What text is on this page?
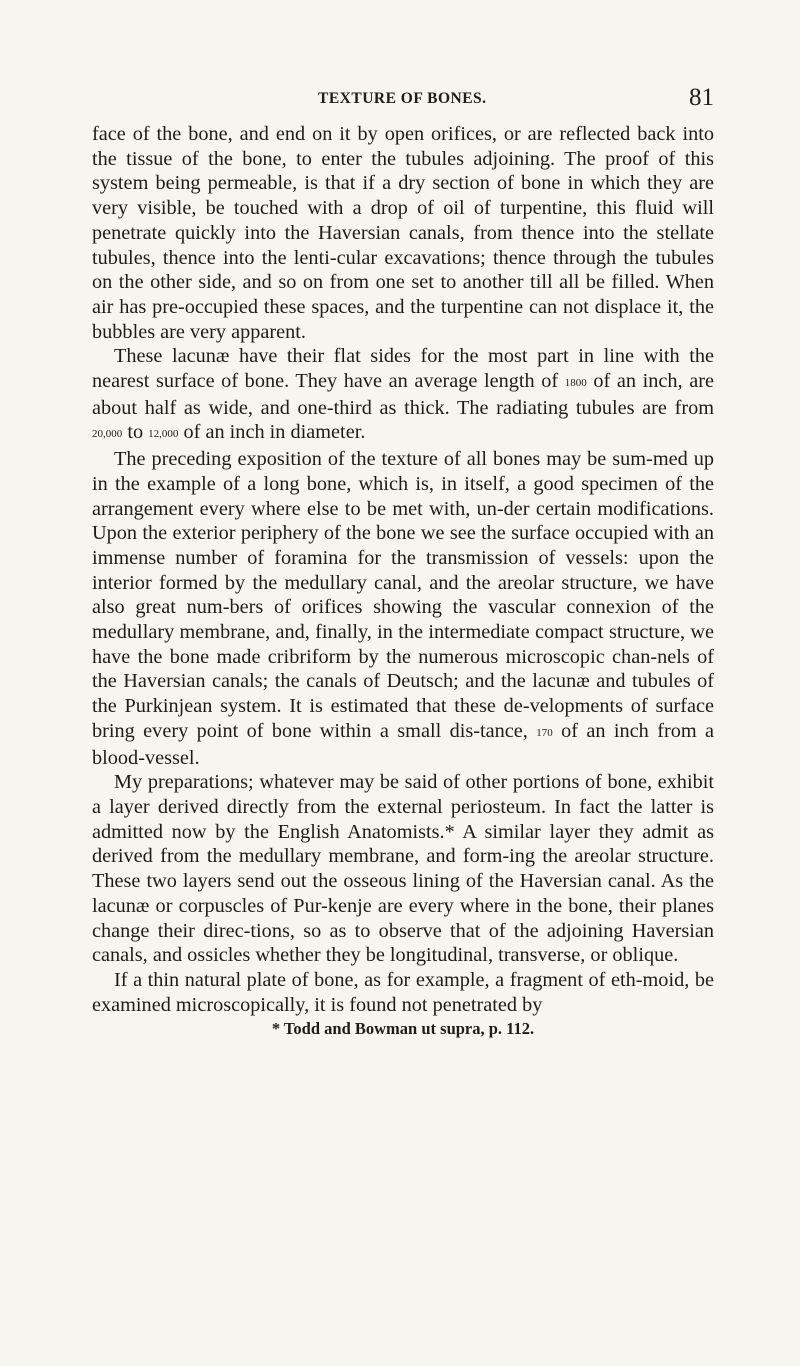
TEXTURE OF BONES.	81

face of the bone, and end on it by open orifices, or are reflected back into the tissue of the bone, to enter the tubules adjoining. The proof of this system being permeable, is that if a dry section of bone in which they are very visible, be touched with a drop of oil of turpentine, this fluid will penetrate quickly into the Haversian canals, from thence into the stellate tubules, thence into the lenti-cular excavations; thence through the tubules on the other side, and so on from one set to another till all be filled. When air has pre-occupied these spaces, and the turpentine can not displace it, the bubbles are very apparent.

These lacunæ have their flat sides for the most part in line with the nearest surface of bone. They have an average length of 1800 of an inch, are about half as wide, and one-third as thick. The radiating tubules are from 20,000 to 12,000 of an inch in diameter.

The preceding exposition of the texture of all bones may be sum-med up in the example of a long bone, which is, in itself, a good specimen of the arrangement every where else to be met with, un-der certain modifications. Upon the exterior periphery of the bone we see the surface occupied with an immense number of foramina for the transmission of vessels: upon the interior formed by the medullary canal, and the areolar structure, we have also great num-bers of orifices showing the vascular connexion of the medullary membrane, and, finally, in the intermediate compact structure, we have the bone made cribriform by the numerous microscopic chan-nels of the Haversian canals; the canals of Deutsch; and the lacunæ and tubules of the Purkinjean system. It is estimated that these de-velopments of surface bring every point of bone within a small dis-tance, 170 of an inch from a blood-vessel.

My preparations; whatever may be said of other portions of bone, exhibit a layer derived directly from the external periosteum. In fact the latter is admitted now by the English Anatomists.* A similar layer they admit as derived from the medullary membrane, and form-ing the areolar structure. These two layers send out the osseous lining of the Haversian canal. As the lacunæ or corpuscles of Pur-kenje are every where in the bone, their planes change their direc-tions, so as to observe that of the adjoining Haversian canals, and ossicles whether they be longitudinal, transverse, or oblique.

If a thin natural plate of bone, as for example, a fragment of eth-moid, be examined microscopically, it is found not penetrated by

* Todd and Bowman ut supra, p. 112.
